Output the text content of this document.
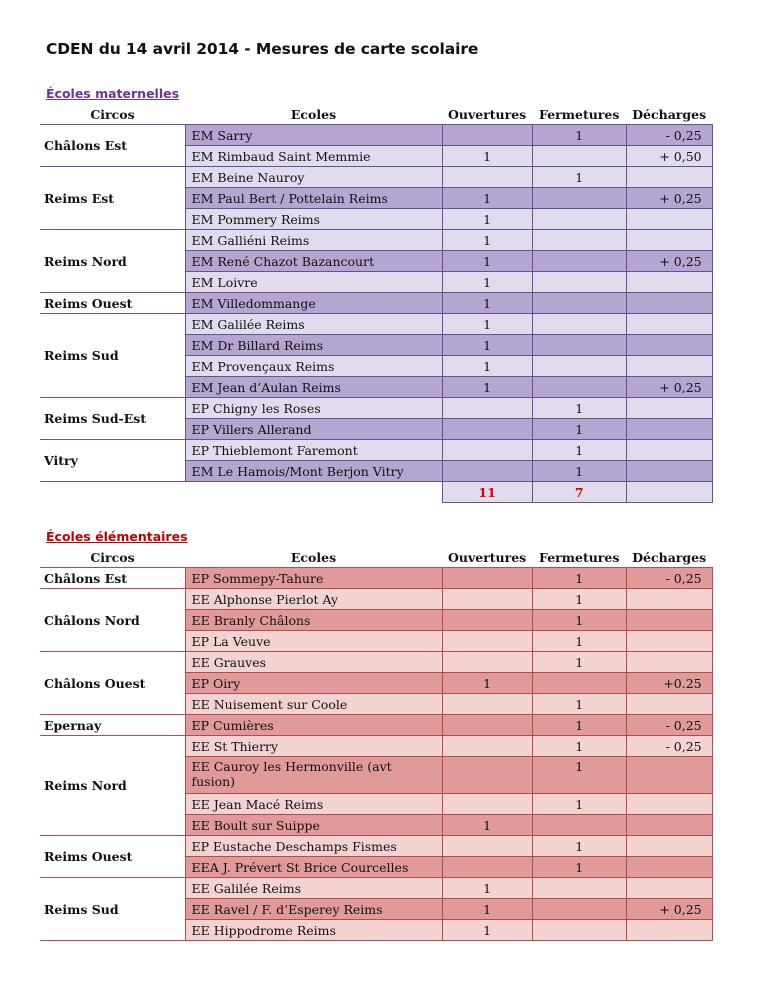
CDEN du 14 avril 2014 - Mesures de carte scolaire
Écoles maternelles
Circos	Ecoles	Ouvertures	Fermetures	Décharges
Châlons Est	EM Sarry		1	- 0,25
	EM Rimbaud Saint Memmie	1		+ 0,50
Reims Est	EM Beine Nauroy		1	
	EM Paul Bert / Pottelain Reims	1		+ 0,25
	EM Pommery Reims	1		
Reims Nord	EM Galliéni Reims	1		
	EM René Chazot Bazancourt	1		+ 0,25
	EM Loivre	1		
Reims Ouest	EM Villedommange	1		
Reims Sud	EM Galilée Reims	1		
	EM Dr Billard Reims	1		
	EM Provençaux Reims	1		
	EM Jean d’Aulan Reims	1		+ 0,25
Reims Sud-Est	EP Chigny les Roses		1	
	EP Villers Allerand		1	
Vitry	EP Thieblemont Faremont		1	
	EM Le Hamois/Mont Berjon Vitry		1	
		11	7	
Écoles élémentaires
Circos	Ecoles	Ouvertures	Fermetures	Décharges
Châlons Est	EP Sommepy-Tahure		1	- 0,25
Châlons Nord	EE Alphonse Pierlot Ay		1	
	EE Branly Châlons		1	
	EP La Veuve		1	
Châlons Ouest	EE Grauves		1	
	EP Oiry	1		+0.25
	EE Nuisement sur Coole		1	
Epernay	EP Cumières		1	- 0,25
Reims Nord	EE St Thierry		1	- 0,25
	EE Cauroy les Hermonville (avt fusion)		1	
	EE Jean Macé Reims		1	
	EE Boult sur Suippe	1		
Reims Ouest	EP Eustache Deschamps Fismes		1	
	EEA J. Prévert St Brice Courcelles		1	
Reims Sud	EE Galilée Reims	1		
	EE Ravel / F. d’Esperey Reims	1		+ 0,25
	EE Hippodrome Reims	1		
